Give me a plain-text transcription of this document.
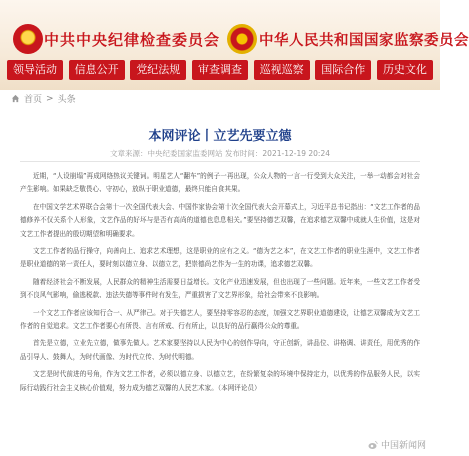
中共中央纪律检查委员会	中华人民共和国国家监察委员会
领导活动	信息公开	党纪法规	审查调查	巡视巡察	国际合作	历史文化
首页 > 头条
本网评论丨立艺先要立德
文章来源：中央纪委国家监委网站 发布时间：2021-12-19 20:24

近期，“人设崩塌”再成网络热议关键词。明星艺人“翻车”的例子一再出现，公众人物的一言一行受到大众关注，一举一动都会对社会产生影响。如果缺乏敬畏心、守初心，放纵于职业道德，最终只能自食其果。

在中国文学艺术界联合会第十一次全国代表大会、中国作家协会第十次全国代表大会开幕式上，习近平总书记指出：“文艺工作者的品德修养不仅关系个人形象，文艺作品的好坏与是否有高尚的道德也息息相关。”要坚持德艺双馨，在追求德艺双馨中成就人生价值，这是对文艺工作者提出的殷切期望和明确要求。

文艺工作者的品行操守，向善向上、追求艺术理想，这是职业的应有之义。“德为艺之本”，在文艺工作者的职业生涯中，文艺工作者是职业道德的第一责任人，要时刻以德立身、以德立艺，把崇德尚艺作为一生的功课，追求德艺双馨。

随着经济社会不断发展，人民群众的精神生活需要日益增长。文化产业迅速发展，但也出现了一些问题。近年来，一些文艺工作者受到不良风气影响，偷逃税款、违法失德等事件时有发生，严重损害了文艺界形象，给社会带来不良影响。

一个文艺工作者应该知行合一、从严律己。对于失德艺人，要坚持零容忍的态度，加强文艺界职业道德建设，让德艺双馨成为文艺工作者的自觉追求。文艺工作者要心有所畏、言有所戒、行有所止，以良好的品行赢得公众的尊重。

首先是立德，立业先立德，做事先做人。艺术家要坚持以人民为中心的创作导向，守正创新，讲品位、讲格调、讲责任，用优秀的作品引导人、鼓舞人，为时代画像、为时代立传、为时代明德。

文艺是时代前进的号角，作为文艺工作者，必须以德立身、以德立艺，在纷繁复杂的环境中保持定力，以优秀的作品服务人民，以实际行动践行社会主义核心价值观，努力成为德艺双馨的人民艺术家。（本网评论员）

中国新闻网
